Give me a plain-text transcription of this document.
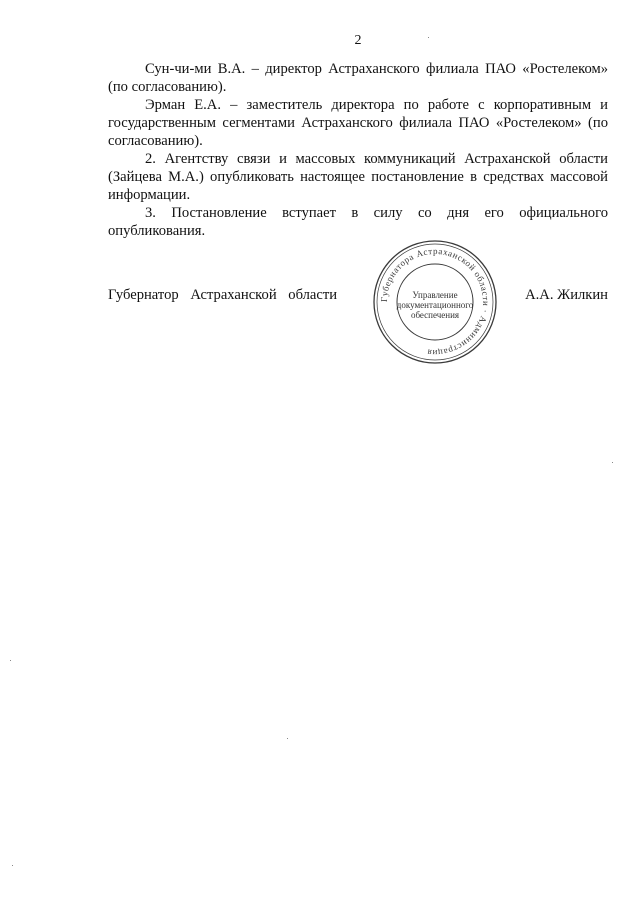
2

Сун-чи-ми В.А. – директор Астраханского филиала ПАО «Ростелеком» (по согласованию).

Эрман Е.А. – заместитель директора по работе с корпоративным и государственным сегментами Астраханского филиала ПАО «Ростелеком» (по согласованию).

2. Агентству связи и массовых коммуникаций Астраханской области (Зайцева М.А.) опубликовать настоящее постановление в средствах массовой информации.

3. Постановление вступает в силу со дня его официального опубликования.

Губернатор Астраханской области	А.А. Жилкин
Губернатора Астраханской области · Администрация
Управление
документационного
обеспечения
